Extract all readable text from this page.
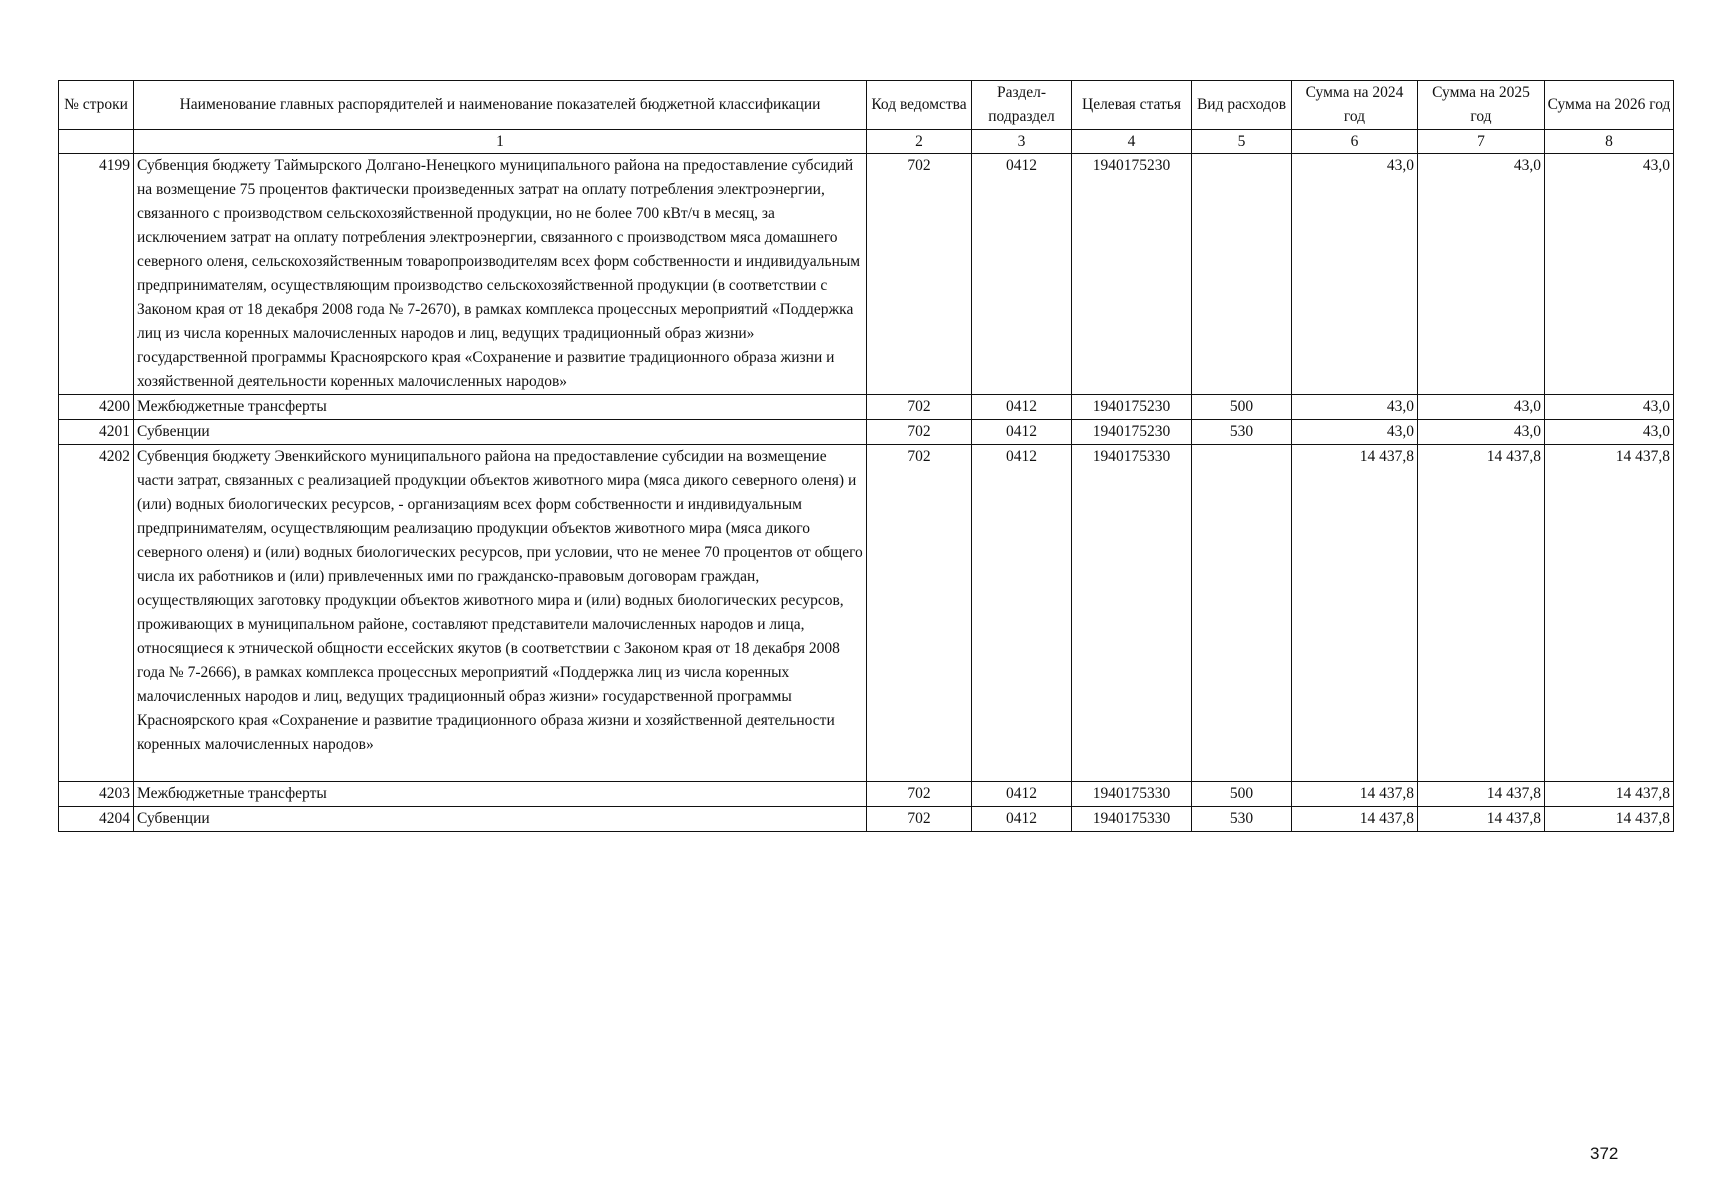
№ строки	Наименование главных распорядителей и наименование показателей бюджетной классификации	Код ведомства	Раздел-подраздел	Целевая статья	Вид расходов	Сумма на 2024 год	Сумма на 2025 год	Сумма на 2026 год
	1	2	3	4	5	6	7	8
4199	Субвенция бюджету Таймырского Долгано-Ненецкого муниципального района на предоставление субсидий на возмещение 75 процентов фактически произведенных затрат на оплату потребления электроэнергии, связанного с производством сельскохозяйственной продукции, но не более 700 кВт/ч в месяц, за исключением затрат на оплату потребления электроэнергии, связанного с производством мяса домашнего северного оленя, сельскохозяйственным товаропроизводителям всех форм собственности и индивидуальным предпринимателям, осуществляющим производство сельскохозяйственной продукции (в соответствии с Законом края от 18 декабря 2008 года № 7-2670), в рамках комплекса процессных мероприятий «Поддержка лиц из числа коренных малочисленных народов и лиц, ведущих традиционный образ жизни» государственной программы Красноярского края «Сохранение и развитие традиционного образа жизни и хозяйственной деятельности коренных малочисленных народов»	702	0412	1940175230		43,0	43,0	43,0
4200	Межбюджетные трансферты	702	0412	1940175230	500	43,0	43,0	43,0
4201	Субвенции	702	0412	1940175230	530	43,0	43,0	43,0
4202	Субвенция бюджету Эвенкийского муниципального района на предоставление субсидии на возмещение части затрат, связанных с реализацией продукции объектов животного мира (мяса дикого северного оленя) и (или) водных биологических ресурсов, - организациям всех форм собственности и индивидуальным предпринимателям, осуществляющим реализацию продукции объектов животного мира (мяса дикого северного оленя) и (или) водных биологических ресурсов, при условии, что не менее 70 процентов от общего числа их работников и (или) привлеченных ими по гражданско-правовым договорам граждан, осуществляющих заготовку продукции объектов животного мира и (или) водных биологических ресурсов, проживающих в муниципальном районе, составляют представители малочисленных народов и лица, относящиеся к этнической общности ессейских якутов (в соответствии с Законом края от 18 декабря 2008 года № 7-2666), в рамках комплекса процессных мероприятий «Поддержка лиц из числа коренных малочисленных народов и лиц, ведущих традиционный образ жизни» государственной программы Красноярского края «Сохранение и развитие традиционного образа жизни и хозяйственной деятельности коренных малочисленных народов»	702	0412	1940175330		14 437,8	14 437,8	14 437,8
4203	Межбюджетные трансферты	702	0412	1940175330	500	14 437,8	14 437,8	14 437,8
4204	Субвенции	702	0412	1940175330	530	14 437,8	14 437,8	14 437,8
372
